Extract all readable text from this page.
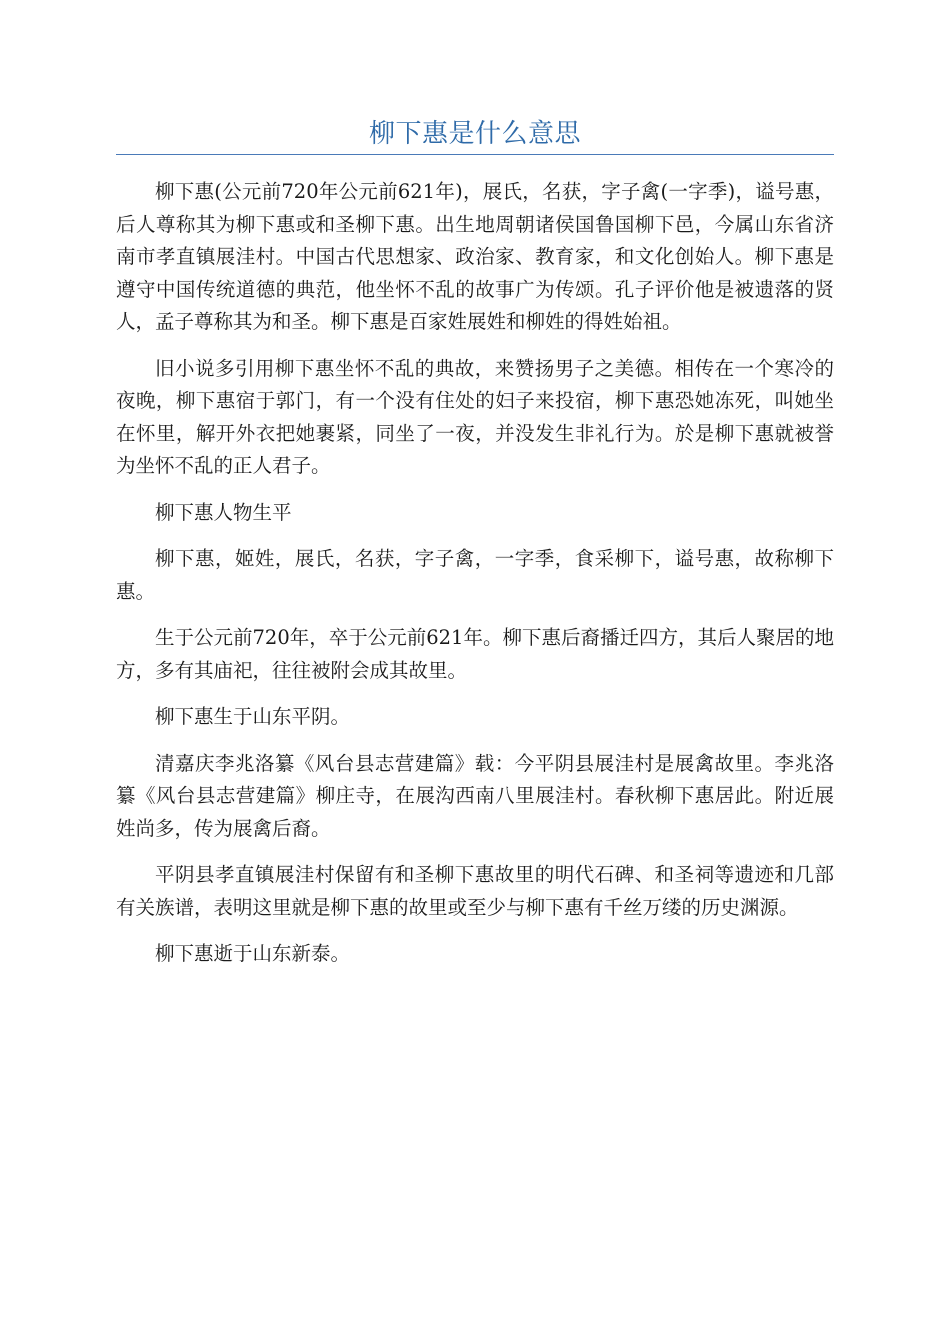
柳下惠是什么意思

柳下惠(公元前720年公元前621年)，展氏，名获，字子禽(一字季)，谥号惠，后人尊称其为柳下惠或和圣柳下惠。出生地周朝诸侯国鲁国柳下邑，今属山东省济南市孝直镇展洼村。中国古代思想家、政治家、教育家，和文化创始人。柳下惠是遵守中国传统道德的典范，他坐怀不乱的故事广为传颂。孔子评价他是被遗落的贤人，孟子尊称其为和圣。柳下惠是百家姓展姓和柳姓的得姓始祖。

旧小说多引用柳下惠坐怀不乱的典故，来赞扬男子之美德。相传在一个寒冷的夜晚，柳下惠宿于郭门，有一个没有住处的妇子来投宿，柳下惠恐她冻死，叫她坐在怀里，解开外衣把她裹紧，同坐了一夜，并没发生非礼行为。於是柳下惠就被誉为坐怀不乱的正人君子。

柳下惠人物生平

柳下惠，姬姓，展氏，名获，字子禽，一字季，食采柳下，谥号惠，故称柳下惠。

生于公元前720年，卒于公元前621年。柳下惠后裔播迁四方，其后人聚居的地方，多有其庙祀，往往被附会成其故里。

柳下惠生于山东平阴。

清嘉庆李兆洛纂《风台县志营建篇》载：今平阴县展洼村是展禽故里。李兆洛纂《风台县志营建篇》柳庄寺，在展沟西南八里展洼村。春秋柳下惠居此。附近展姓尚多，传为展禽后裔。

平阴县孝直镇展洼村保留有和圣柳下惠故里的明代石碑、和圣祠等遗迹和几部有关族谱，表明这里就是柳下惠的故里或至少与柳下惠有千丝万缕的历史渊源。

柳下惠逝于山东新泰。
